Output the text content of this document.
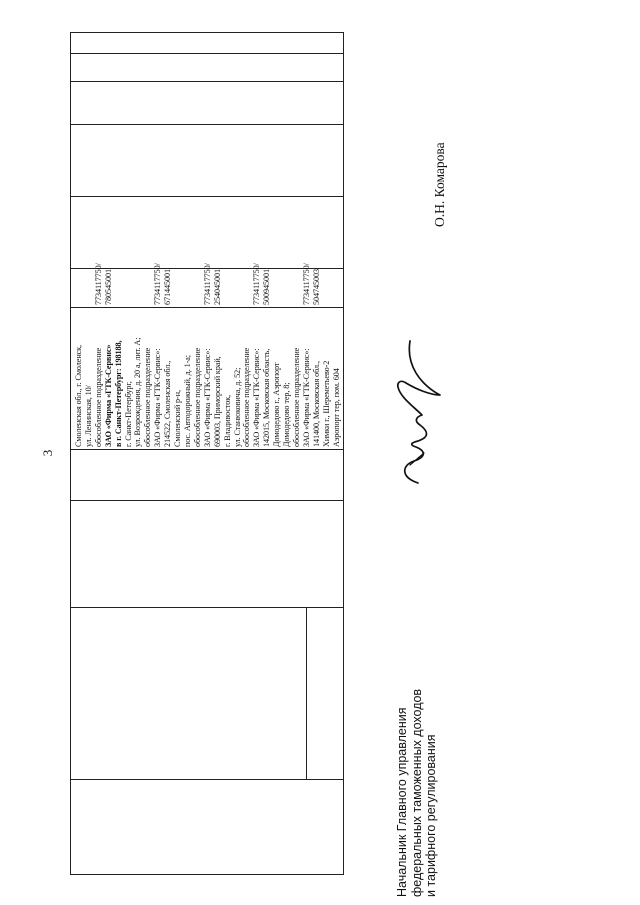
3
Смоленская обл., г. Смоленск, ул. Ленинская, 10/ обособленное подразделение ЗАО «Фирма «ГТК-Сервис» в г. Санкт-Петербург: 198188, г. Санкт-Петербург, ул. Возрождения, д. 20 а, лит. А; обособленное подразделение ЗАО «Фирма «ГТК-Сервис»: 214522, Смоленская обл., Смоленский р-н, пос. Автодорожный, д. 1-а; обособленное подразделение ЗАО «Фирма «ГТК-Сервис»: 690003, Приморский край, г. Владивосток, ул. Станюковича, д. 52; обособленное подразделение ЗАО «Фирма «ГТК-Сервис»: 142015, Московская область, Домодедово г., Аэропорт Домодедово тер, 8; обособленное подразделение ЗАО «Фирма «ГТК-Сервис»: 141400, Московская обл., Химки г., Шереметьево-2 Аэропорт тер, пом. 604
7734117750/ 780545001	7734117750/ 671445001	7734117750/ 254045001	7734117750/ 500945001	7734117750/ 504745003
Начальник Главного управления федеральных таможенных доходов и тарифного регулирования
О.Н. Комарова
